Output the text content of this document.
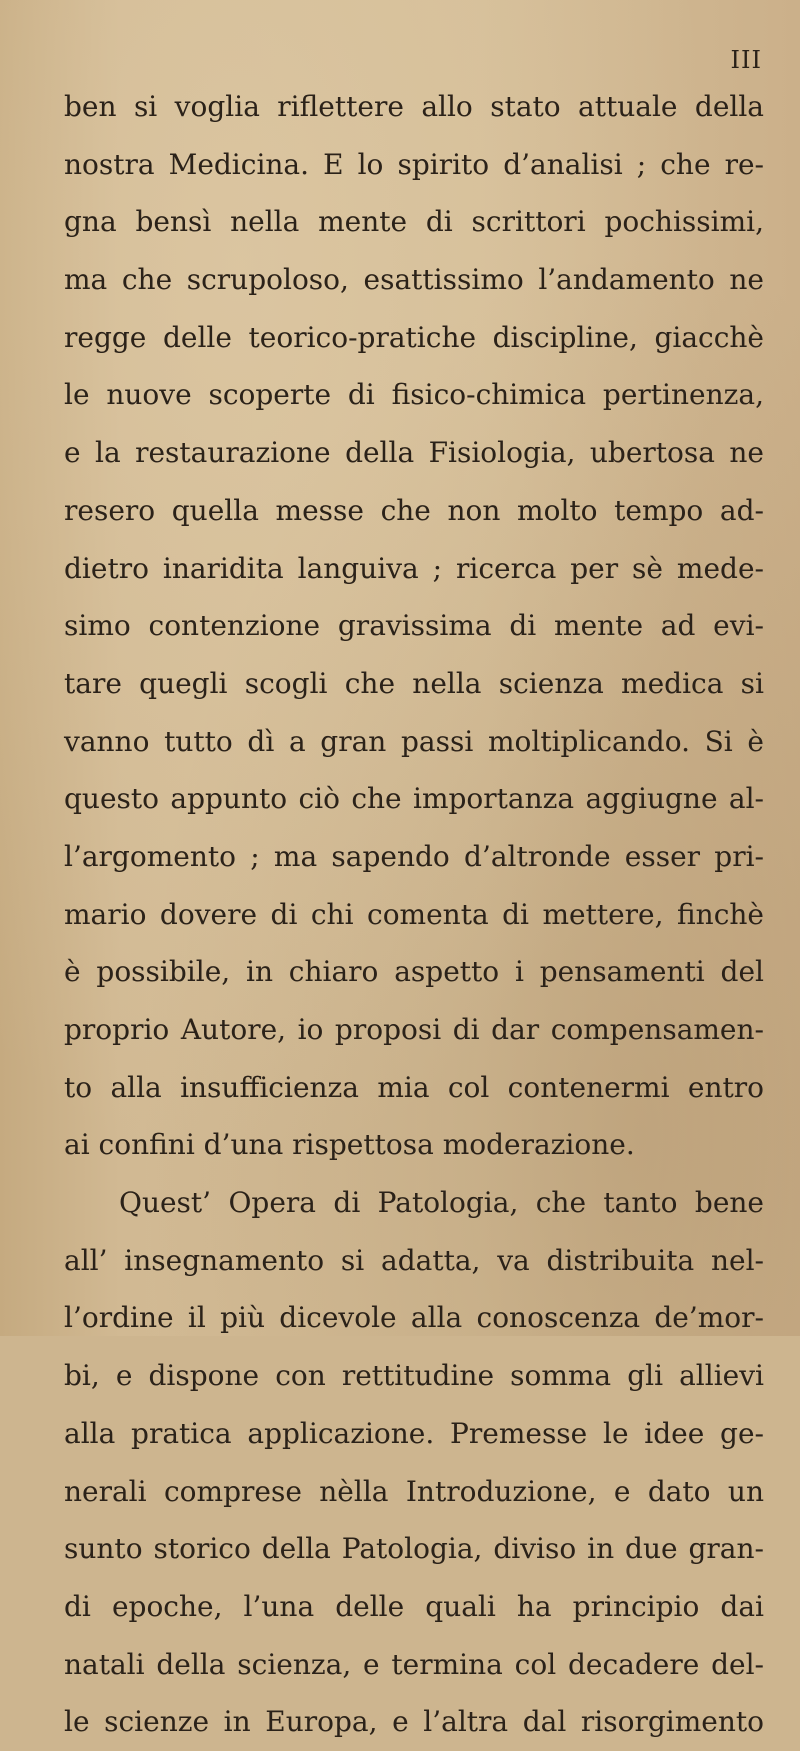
III
ben si voglia riflettere allo stato attuale della
nostra Medicina. E lo spirito d’analisi ; che re-
gna bensì nella mente di scrittori pochissimi,
ma che scrupoloso, esattissimo l’andamento ne
regge delle teorico-pratiche discipline, giacchè
le nuove scoperte di fisico-chimica pertinenza,
e la restaurazione della Fisiologia, ubertosa ne
resero quella messe che non molto tempo ad-
dietro inaridita languiva ; ricerca per sè mede-
simo contenzione gravissima di mente ad evi-
tare quegli scogli che nella scienza medica si
vanno tutto dì a gran passi moltiplicando. Si è
questo appunto ciò che importanza aggiugne al-
l’argomento ; ma sapendo d’altronde esser pri-
mario dovere di chi comenta di mettere, finchè
è possibile, in chiaro aspetto i pensamenti del
proprio Autore, io proposi di dar compensamen-
to alla insufficienza mia col contenermi entro
ai confini d’una rispettosa moderazione.
Quest’ Opera di Patologia, che tanto bene
all’ insegnamento si adatta, va distribuita nel-
l’ordine il più dicevole alla conoscenza de’mor-
bi, e dispone con rettitudine somma gli allievi
alla pratica applicazione. Premesse le idee ge-
nerali comprese nèlla Introduzione, e dato un
sunto storico della Patologia, diviso in due gran-
di epoche, l’una delle quali ha principio dai
natali della scienza, e termina col decadere del-
le scienze in Europa, e l’altra dal risorgimento
